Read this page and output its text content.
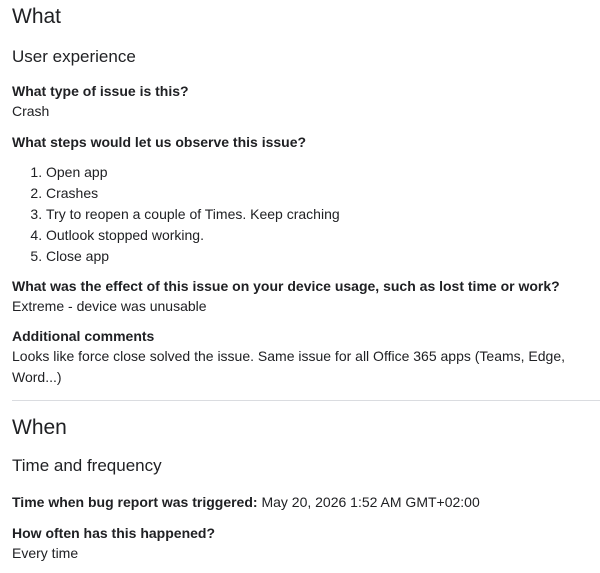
What
User experience

What type of issue is this?

Crash

What steps would let us observe this issue?

1. Open app
2. Crashes
3. Try to reopen a couple of Times. Keep craching
4. Outlook stopped working.
5. Close app

What was the effect of this issue on your device usage, such as lost time or work?

Extreme - device was unusable

Additional comments

Looks like force close solved the issue. Same issue for all Office 365 apps (Teams, Edge, Word...)

When
Time and frequency

Time when bug report was triggered: May 20, 2026 1:52 AM GMT+02:00

How often has this happened?

Every time
